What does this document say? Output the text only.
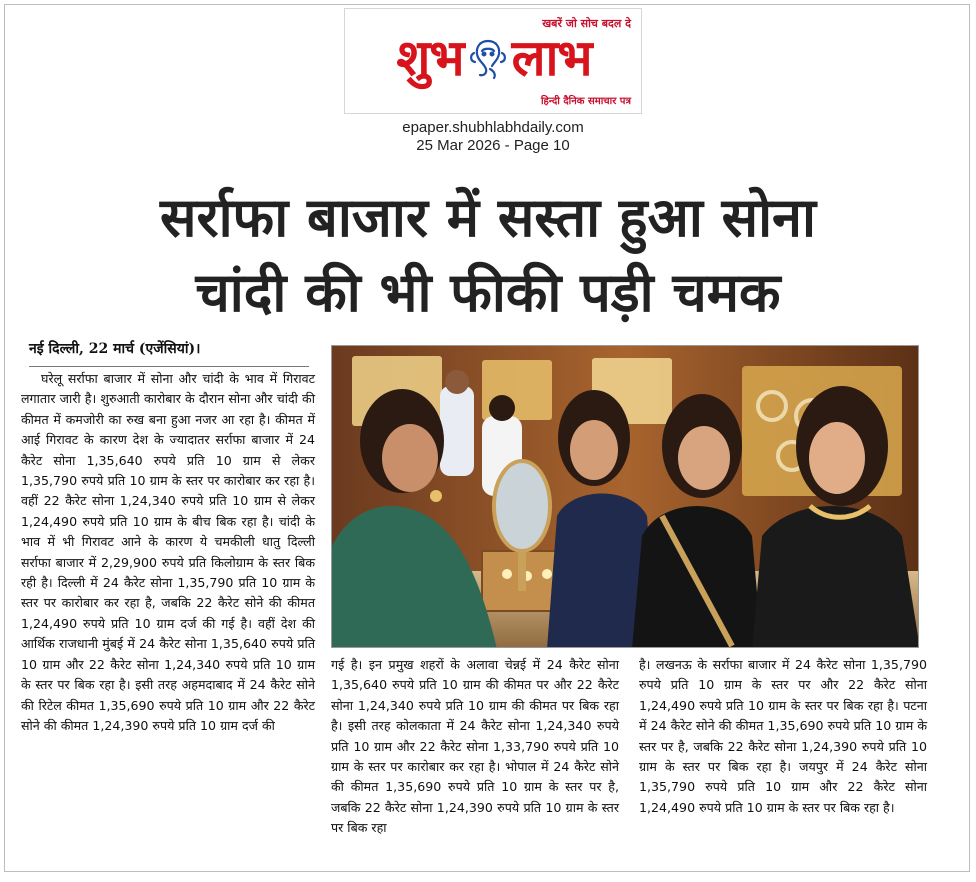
खबरें जो सोच बदल दे
शुभ लाभ
हिन्दी दैनिक समाचार पत्र
epaper.shubhlabhdaily.com
25 Mar 2026 - Page 10
सर्राफा बाजार में सस्ता हुआ सोना
चांदी की भी फीकी पड़ी चमक
नई दिल्ली, 22 मार्च (एजेंसियां)।

घरेलू सर्राफा बाजार में सोना और चांदी के भाव में गिरावट लगातार जारी है। शुरुआती कारोबार के दौरान सोना और चांदी की कीमत में कमजोरी का रुख बना हुआ नजर आ रहा है। कीमत में आई गिरावट के कारण देश के ज्यादातर सर्राफा बाजार में 24 कैरेट सोना 1,35,640 रुपये प्रति 10 ग्राम से लेकर 1,35,790 रुपये प्रति 10 ग्राम के स्तर पर कारोबार कर रहा है। वहीं 22 कैरेट सोना 1,24,340 रुपये प्रति 10 ग्राम से लेकर 1,24,490 रुपये प्रति 10 ग्राम के बीच बिक रहा है। चांदी के भाव में भी गिरावट आने के कारण ये चमकीली धातु दिल्ली सर्राफा बाजार में 2,29,900 रुपये प्रति किलोग्राम के स्तर बिक रही है। दिल्ली में 24 कैरेट सोना 1,35,790 प्रति 10 ग्राम के स्तर पर कारोबार कर रहा है, जबकि 22 कैरेट सोने की कीमत 1,24,490 रुपये प्रति 10 ग्राम दर्ज की गई है। वहीं देश की आर्थिक राजधानी मुंबई में 24 कैरेट सोना 1,35,640 रुपये प्रति 10 ग्राम और 22 कैरेट सोना 1,24,340 रुपये प्रति 10 ग्राम के स्तर पर बिक रहा है। इसी तरह अहमदाबाद में 24 कैरेट सोने की रिटेल कीमत 1,35,690 रुपये प्रति 10 ग्राम और 22 कैरेट सोने की कीमत 1,24,390 रुपये प्रति 10 ग्राम दर्ज की

गई है। इन प्रमुख शहरों के अलावा चेन्नई में 24 कैरेट सोना 1,35,640 रुपये प्रति 10 ग्राम की कीमत पर और 22 कैरेट सोना 1,24,340 रुपये प्रति 10 ग्राम की कीमत पर बिक रहा है। इसी तरह कोलकाता में 24 कैरेट सोना 1,24,340 रुपये प्रति 10 ग्राम और 22 कैरेट सोना 1,33,790 रुपये प्रति 10 ग्राम के स्तर पर कारोबार कर रहा है। भोपाल में 24 कैरेट सोने की कीमत 1,35,690 रुपये प्रति 10 ग्राम के स्तर पर है, जबकि 22 कैरेट सोना 1,24,390 रुपये प्रति 10 ग्राम के स्तर पर बिक रहा

है। लखनऊ के सर्राफा बाजार में 24 कैरेट सोना 1,35,790 रुपये प्रति 10 ग्राम के स्तर पर और 22 कैरेट सोना 1,24,490 रुपये प्रति 10 ग्राम के स्तर पर बिक रहा है। पटना में 24 कैरेट सोने की कीमत 1,35,690 रुपये प्रति 10 ग्राम के स्तर पर है, जबकि 22 कैरेट सोना 1,24,390 रुपये प्रति 10 ग्राम के स्तर पर बिक रहा है। जयपुर में 24 कैरेट सोना 1,35,790 रुपये प्रति 10 ग्राम और 22 कैरेट सोना 1,24,490 रुपये प्रति 10 ग्राम के स्तर पर बिक रहा है।
